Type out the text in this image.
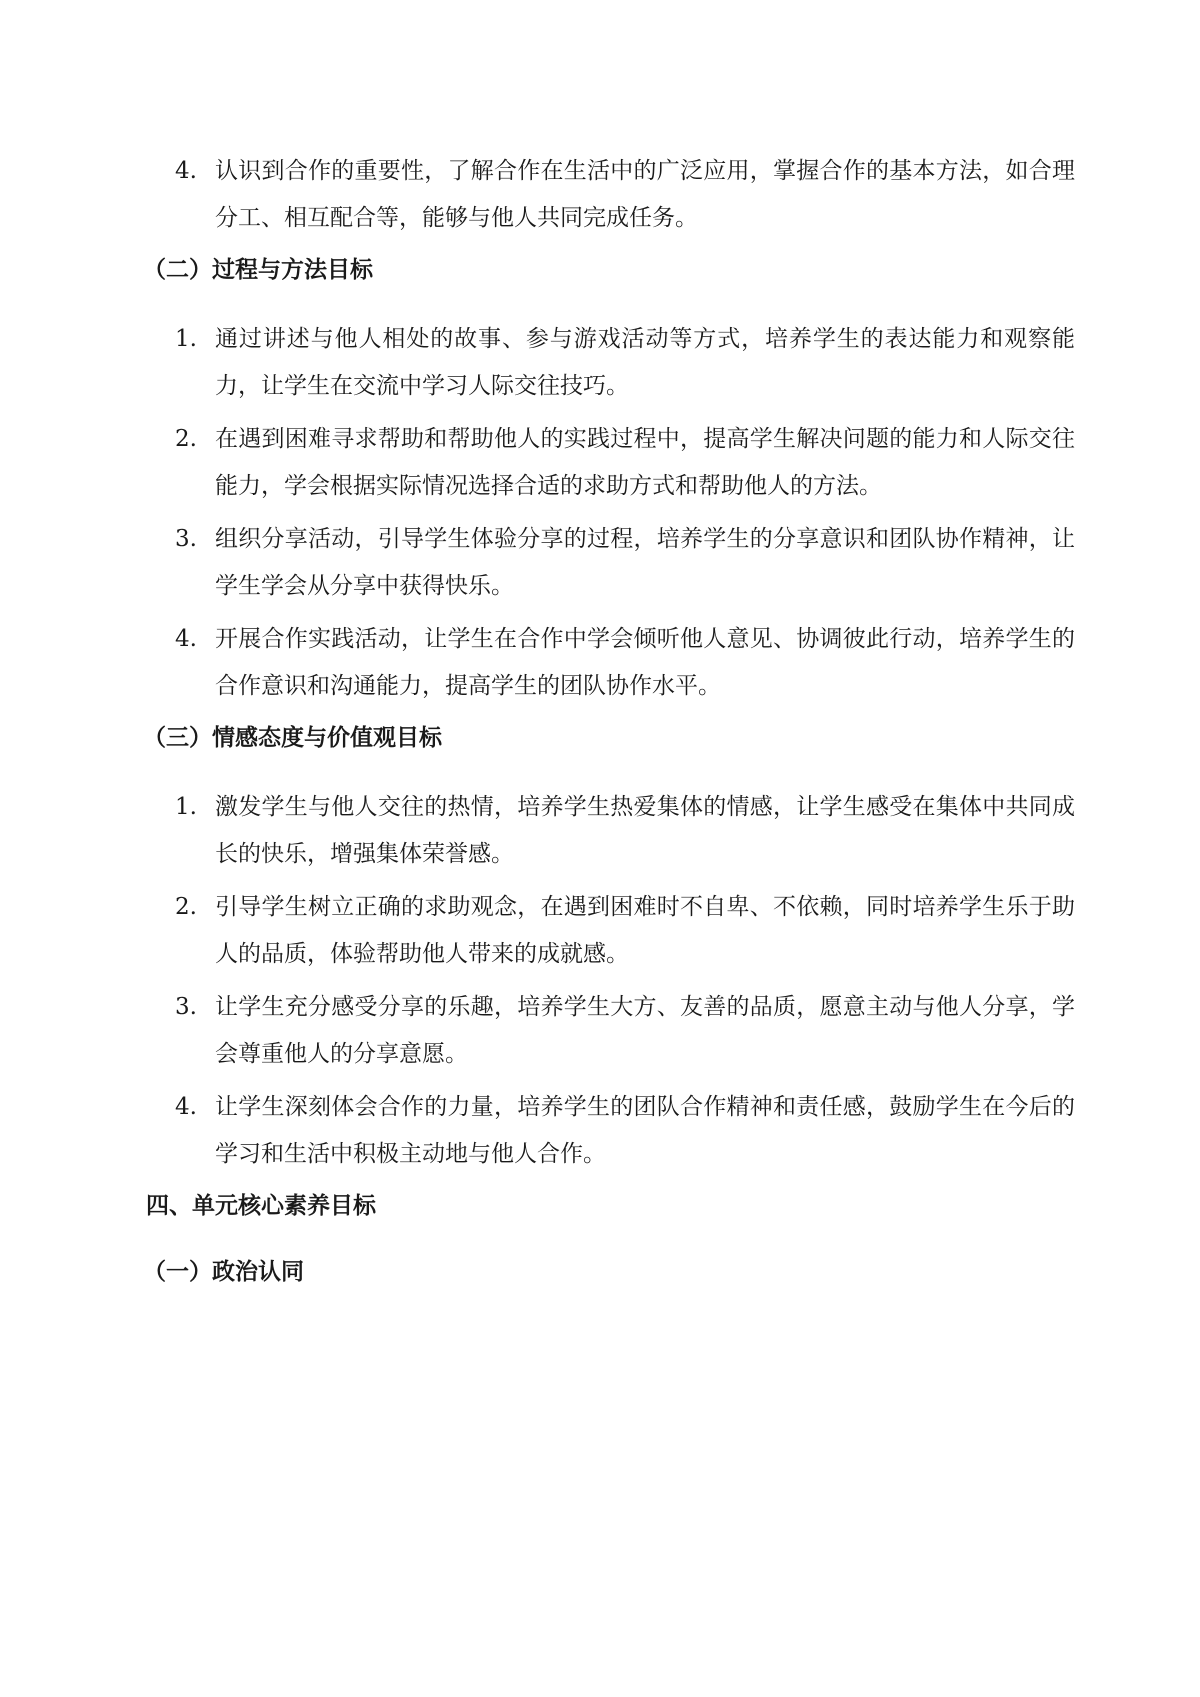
4. 认识到合作的重要性，了解合作在生活中的广泛应用，掌握合作的基本方法，如合理分工、相互配合等，能够与他人共同完成任务。
（二）过程与方法目标
1. 通过讲述与他人相处的故事、参与游戏活动等方式，培养学生的表达能力和观察能力，让学生在交流中学习人际交往技巧。
2. 在遇到困难寻求帮助和帮助他人的实践过程中，提高学生解决问题的能力和人际交往能力，学会根据实际情况选择合适的求助方式和帮助他人的方法。
3. 组织分享活动，引导学生体验分享的过程，培养学生的分享意识和团队协作精神，让学生学会从分享中获得快乐。
4. 开展合作实践活动，让学生在合作中学会倾听他人意见、协调彼此行动，培养学生的合作意识和沟通能力，提高学生的团队协作水平。
（三）情感态度与价值观目标
1. 激发学生与他人交往的热情，培养学生热爱集体的情感，让学生感受在集体中共同成长的快乐，增强集体荣誉感。
2. 引导学生树立正确的求助观念，在遇到困难时不自卑、不依赖，同时培养学生乐于助人的品质，体验帮助他人带来的成就感。
3. 让学生充分感受分享的乐趣，培养学生大方、友善的品质，愿意主动与他人分享，学会尊重他人的分享意愿。
4. 让学生深刻体会合作的力量，培养学生的团队合作精神和责任感，鼓励学生在今后的学习和生活中积极主动地与他人合作。
四、单元核心素养目标
（一）政治认同
